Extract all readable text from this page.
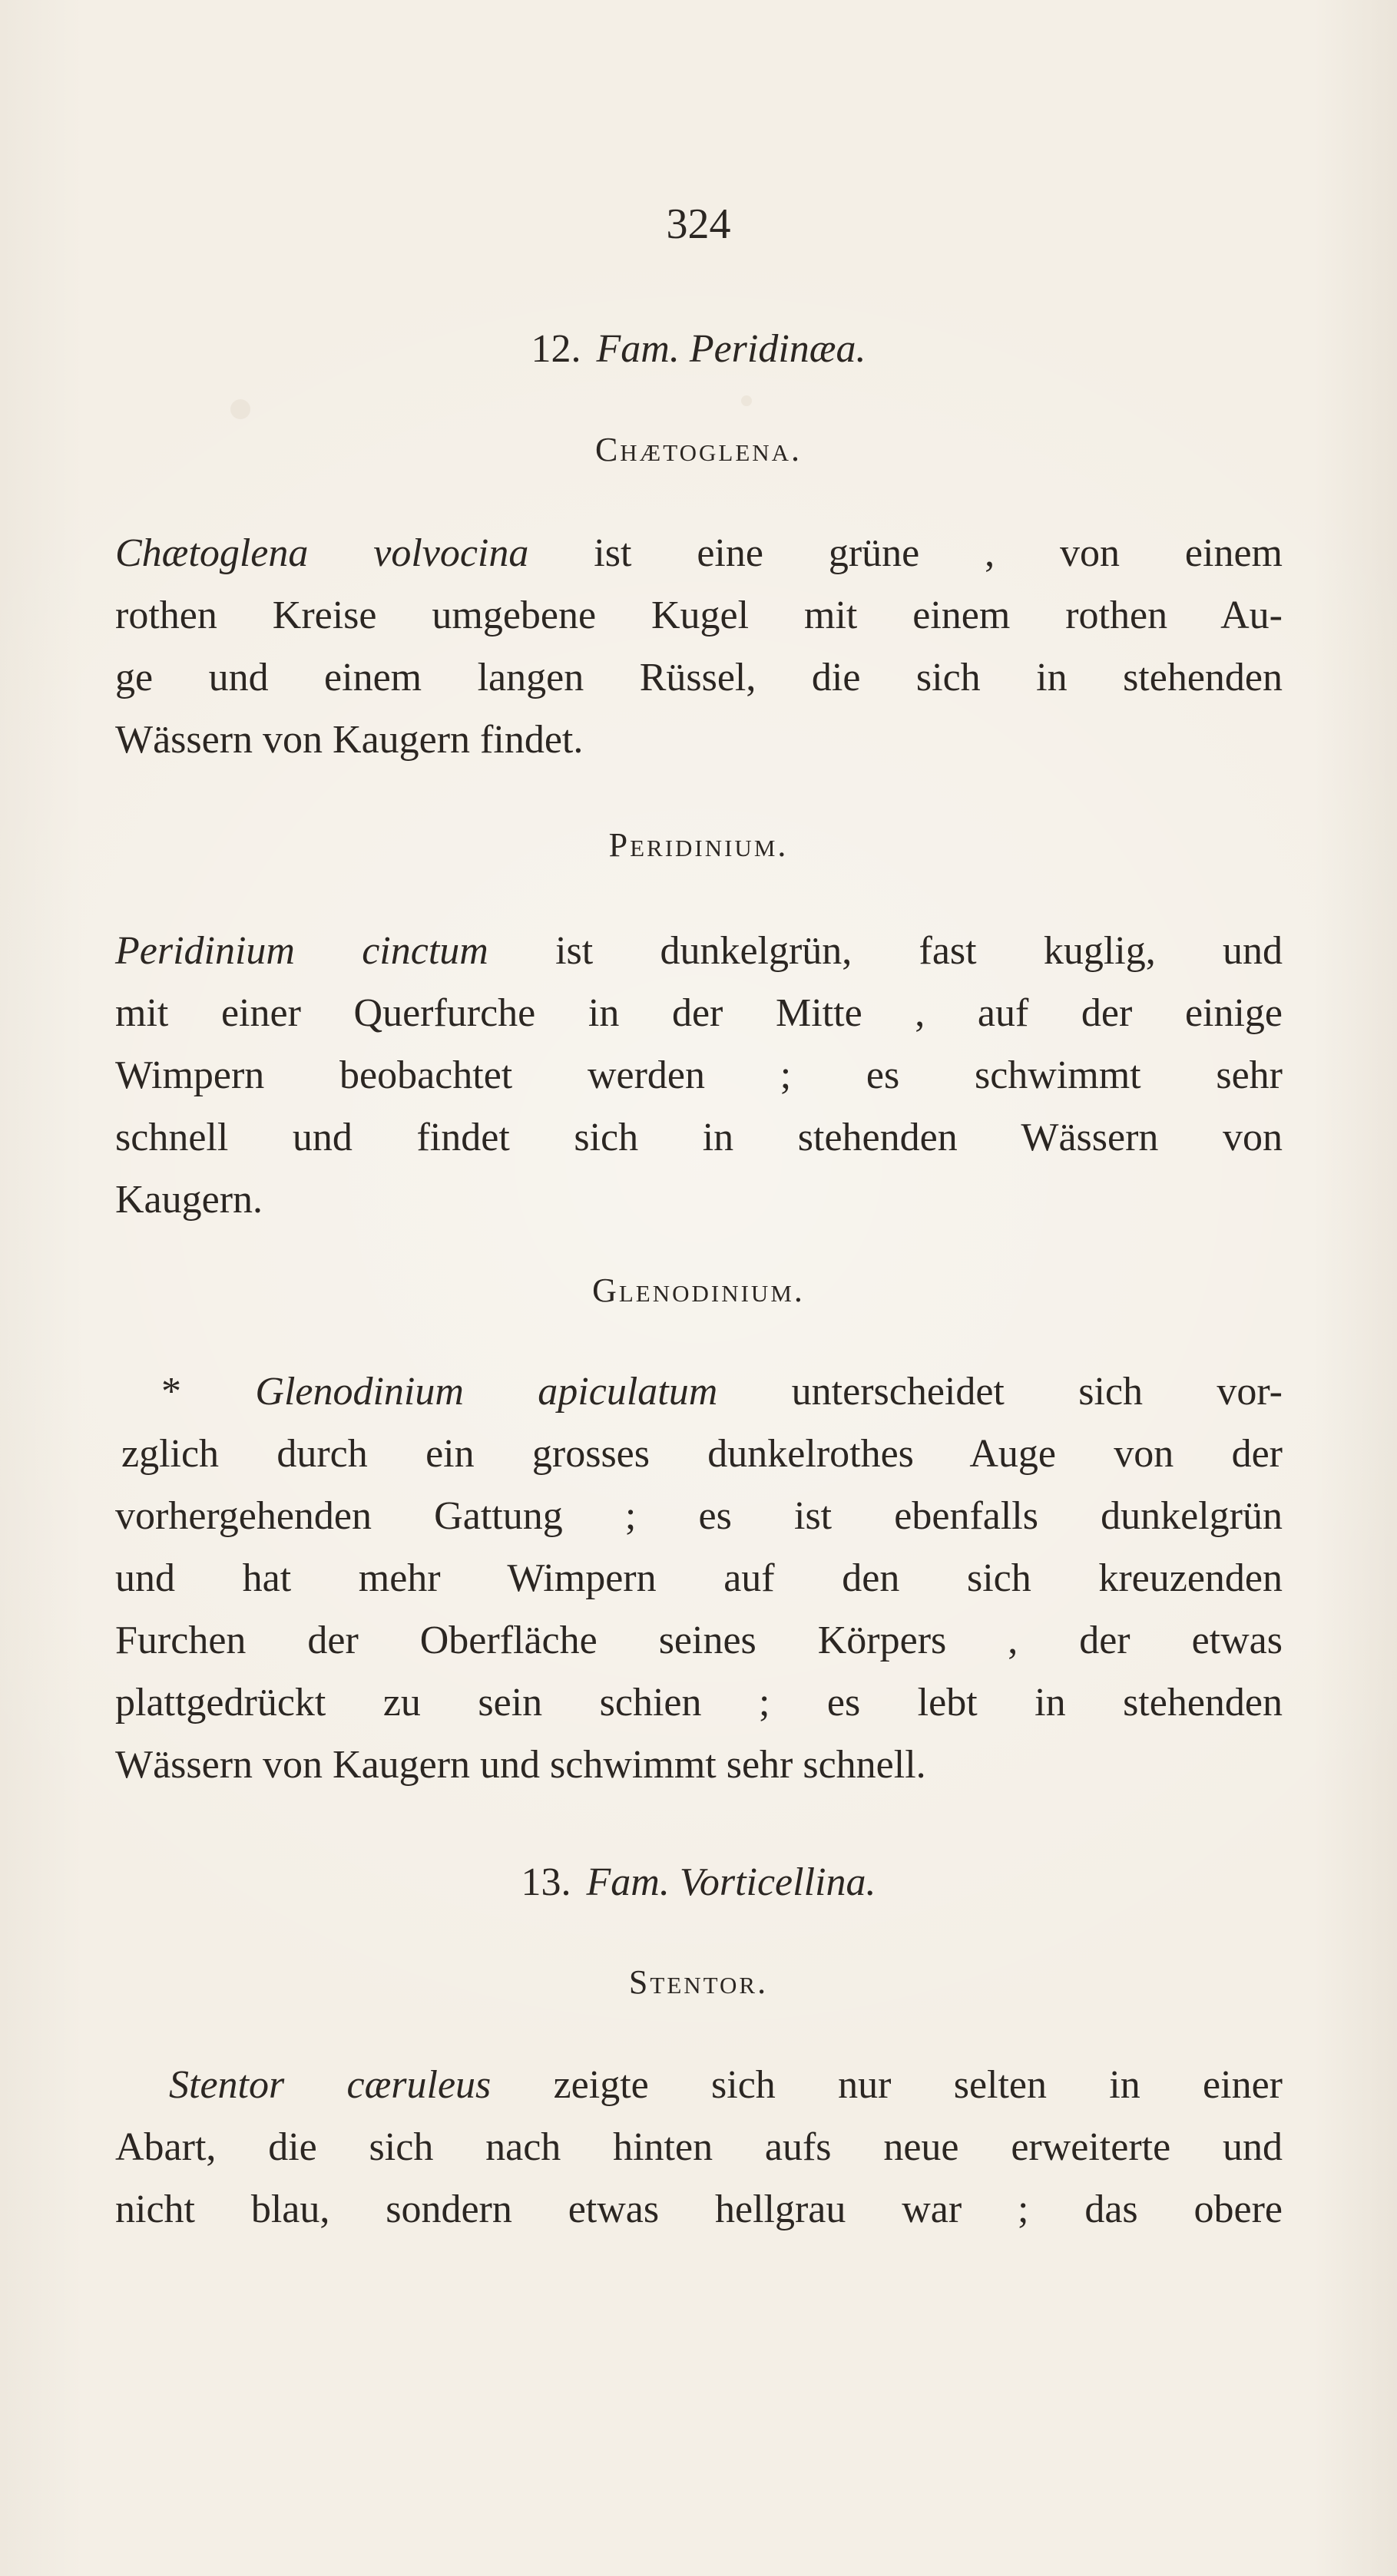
324
12. Fam. Peridinæa.
Chætoglena.
Chætoglena volvocina ist eine grüne , von einem
rothen Kreise umgebene Kugel mit einem rothen Au-
ge und einem langen Rüssel, die sich in stehenden
Wässern von Kaugern findet.
Peridinium.
Peridinium cinctum ist dunkelgrün, fast kuglig, und
mit einer Querfurche in der Mitte , auf der einige
Wimpern beobachtet werden ; es schwimmt sehr
schnell und findet sich in stehenden Wässern von
Kaugern.
Glenodinium.
* Glenodinium apiculatum unterscheidet sich vor-
zglich durch ein grosses dunkelrothes Auge von der
vorhergehenden Gattung ; es ist ebenfalls dunkelgrün
und hat mehr Wimpern auf den sich kreuzenden
Furchen der Oberfläche seines Körpers , der etwas
plattgedrückt zu sein schien ; es lebt in stehenden
Wässern von Kaugern und schwimmt sehr schnell.
13. Fam. Vorticellina.
Stentor.
Stentor cæruleus zeigte sich nur selten in einer
Abart, die sich nach hinten aufs neue erweiterte und
nicht blau, sondern etwas hellgrau war ; das obere
